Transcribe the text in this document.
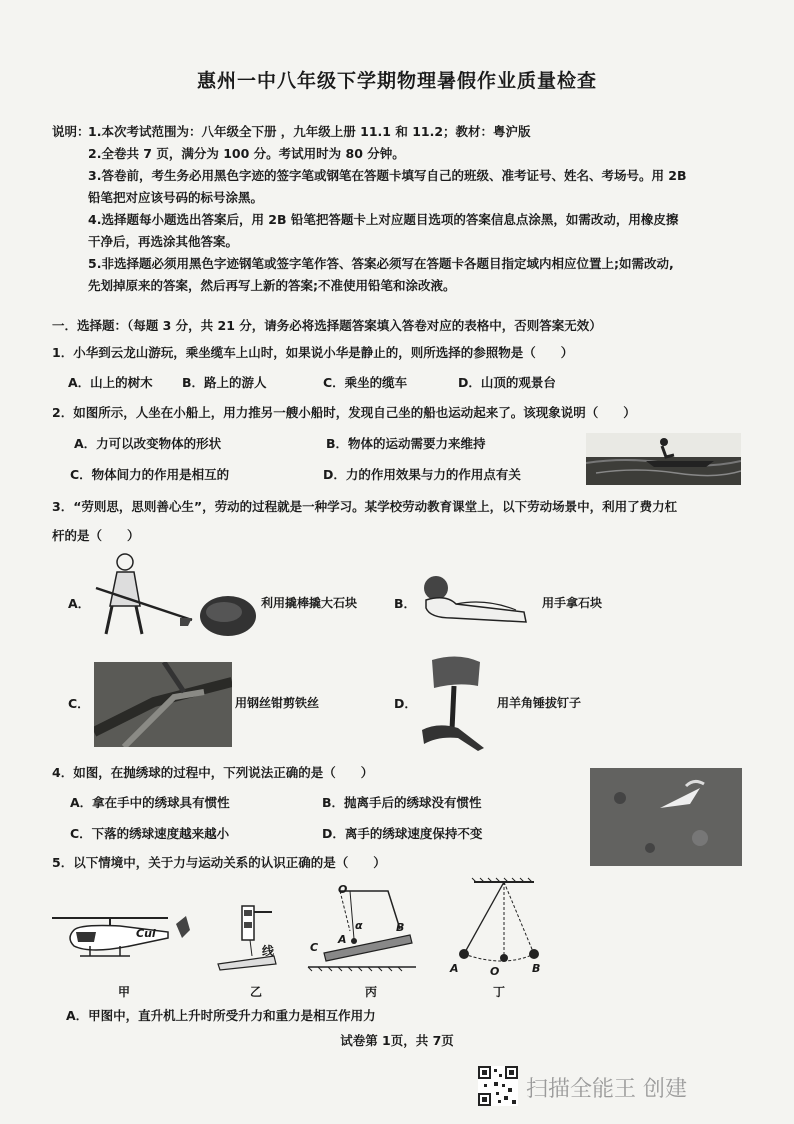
惠州一中八年级下学期物理暑假作业质量检查
说明：
1.本次考试范围为：八年级全下册 ，九年级上册 11.1 和 11.2；教材：粤沪版
2.全卷共 7 页，满分为 100 分。考试用时为 80 分钟。
3.答卷前，考生务必用黑色字迹的签字笔或钢笔在答题卡填写自己的班级、准考证号、姓名、考场号。用 2B
铅笔把对应该号码的标号涂黑。
4.选择题每小题选出答案后，用 2B 铅笔把答题卡上对应题目选项的答案信息点涂黑，如需改动，用橡皮擦
干净后，再选涂其他答案。
5.非选择题必须用黑色字迹钢笔或签字笔作答、答案必须写在答题卡各题目指定域内相应位置上;如需改动,
先划掉原来的答案，然后再写上新的答案;不准使用铅笔和涂改液。
一．选择题：（每题 3 分，共 21 分，请务必将选择题答案填入答卷对应的表格中，否则答案无效）
1．小华到云龙山游玩，乘坐缆车上山时，如果说小华是静止的，则所选择的参照物是（　　）
A．山上的树木 B．路上的游人	C．乘坐的缆车	D．山顶的观景台
2．如图所示，人坐在小船上，用力推另一艘小船时，发现自己坐的船也运动起来了。该现象说明（　　）
A．力可以改变物体的形状	B．物体的运动需要力来维持
C．物体间力的作用是相互的	D．力的作用效果与力的作用点有关
3．“劳则思，思则善心生”，劳动的过程就是一种学习。某学校劳动教育课堂上，以下劳动场景中，利用了费力杠
杆的是（　　）
A．	利用撬棒撬大石块	B．	用手拿石块
C．	用钢丝钳剪铁丝	D．	用羊角锤拔钉子
4．如图，在抛绣球的过程中，下列说法正确的是（　　）
A．拿在手中的绣球具有惯性	B．抛离手后的绣球没有惯性
C．下落的绣球速度越来越小	D．离手的绣球速度保持不变
5．以下情境中，关于力与运动关系的认识正确的是（　　）
Cui
线
O
α
A
B
C
A	O	B
甲	乙	丙	丁
A．甲图中，直升机上升时所受升力和重力是相互作用力
试卷第 1页，共 7页
扫描全能王 创建
